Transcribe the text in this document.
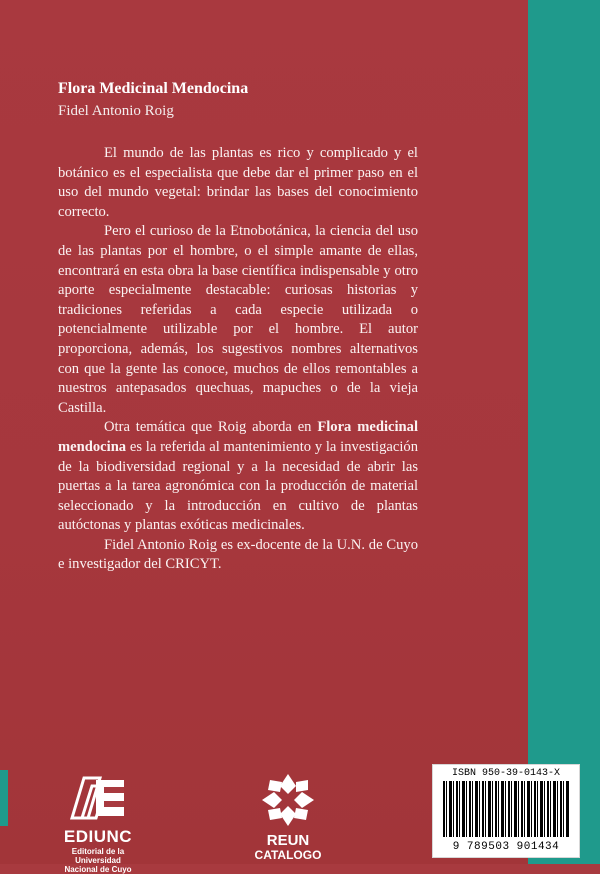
Flora Medicinal Mendocina
Fidel Antonio Roig

El mundo de las plantas es rico y complicado y el botánico es el especialista que debe dar el primer paso en el uso del mundo vegetal: brindar las bases del conocimiento correcto.

Pero el curioso de la Etnobotánica, la ciencia del uso de las plantas por el hombre, o el simple amante de ellas, encontrará en esta obra la base científica indispensable y otro aporte especialmente destacable: curiosas historias y tradiciones referidas a cada especie utilizada o potencialmente utilizable por el hombre. El autor proporciona, además, los sugestivos nombres alternativos con que la gente las conoce, muchos de ellos remontables a nuestros antepasados quechuas, mapuches o de la vieja Castilla.

Otra temática que Roig aborda en Flora medicinal mendocina es la referida al mantenimiento y la investigación de la biodiversidad regional y a la necesidad de abrir las puertas a la tarea agronómica con la producción de material seleccionado y la introducción en cultivo de plantas autóctonas y plantas exóticas medicinales.

Fidel Antonio Roig es ex-docente de la U.N. de Cuyo e investigador del CRICYT.

EDIUNC
Editorial de la
Universidad
Nacional de Cuyo
REUN
CATALOGO
ISBN 950-39-0143-X
9 789503 901434
